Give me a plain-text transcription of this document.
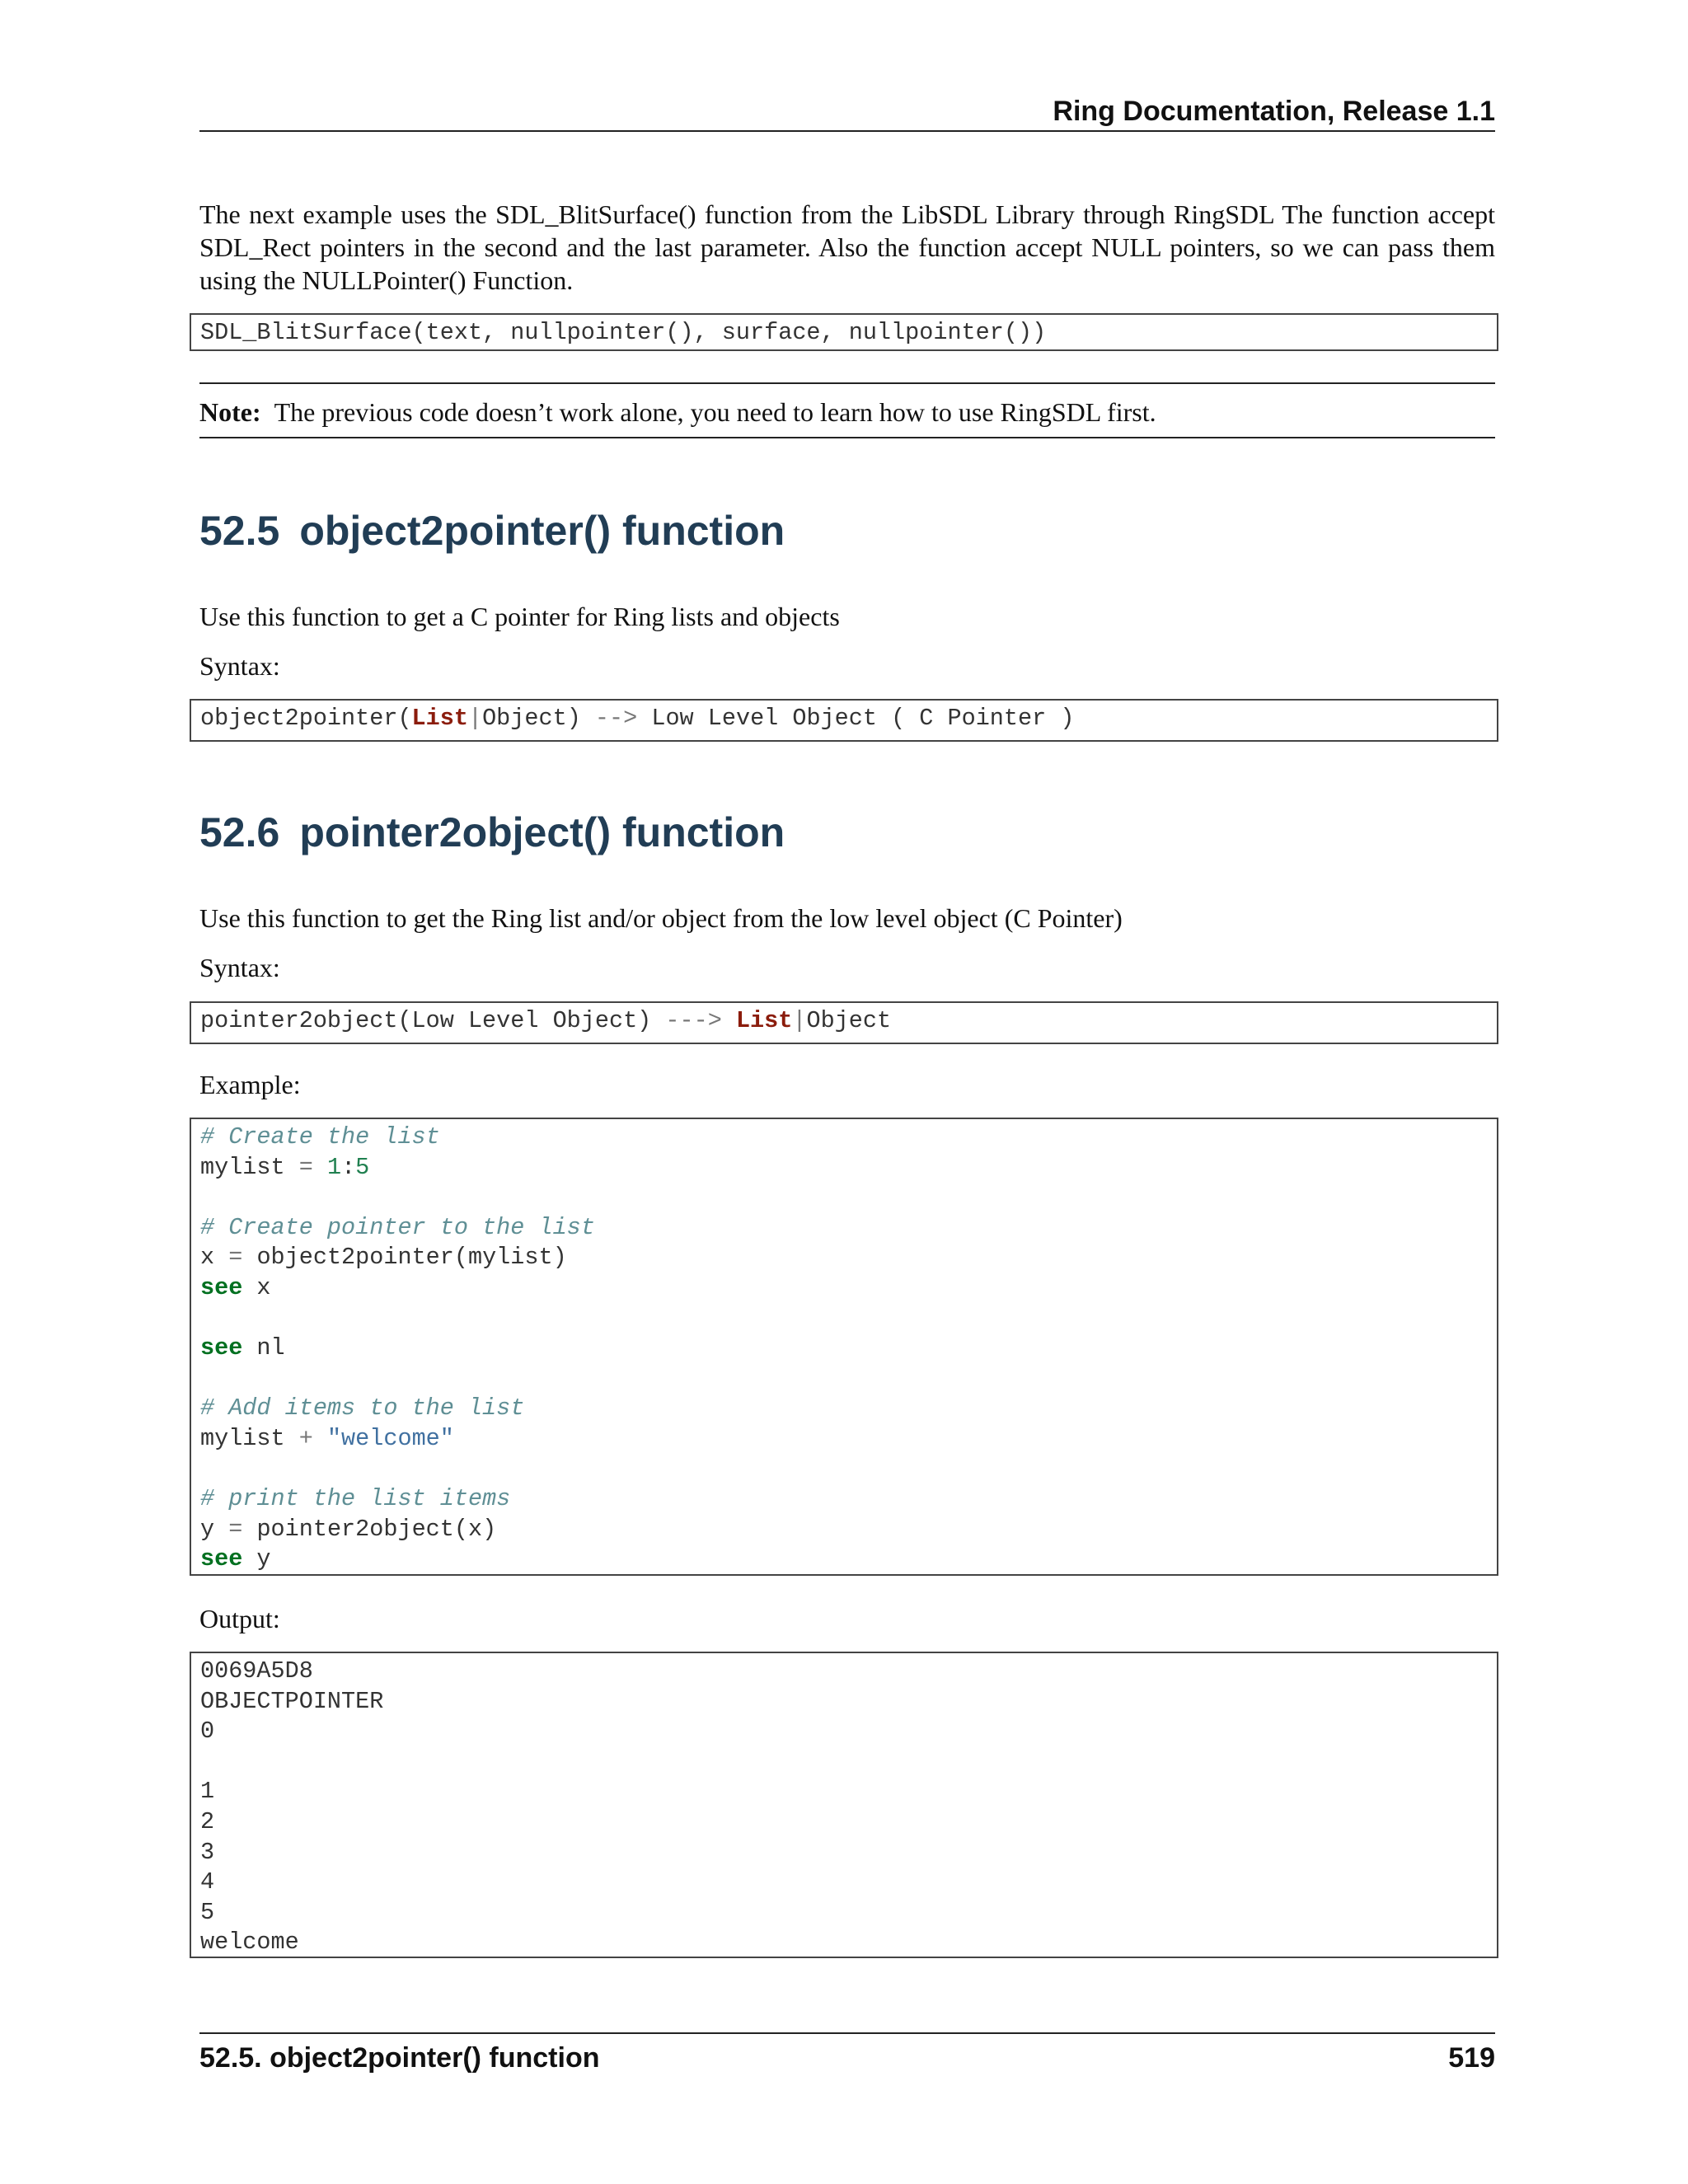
Ring Documentation, Release 1.1

The next example uses the SDL_BlitSurface() function from the LibSDL Library through RingSDL The function accept SDL_Rect pointers in the second and the last parameter. Also the function accept NULL pointers, so we can pass them using the NULLPointer() Function.

SDL_BlitSurface(text, nullpointer(), surface, nullpointer())
Note: The previous code doesn’t work alone, you need to learn how to use RingSDL first.
52.5 object2pointer() function

Use this function to get a C pointer for Ring lists and objects

Syntax:

object2pointer(List|Object) --> Low Level Object ( C Pointer )
52.6 pointer2object() function

Use this function to get the Ring list and/or object from the low level object (C Pointer)

Syntax:

pointer2object(Low Level Object) ---> List|Object

Example:

# Create the list
mylist = 1:5
# Create pointer to the list
x = object2pointer(mylist)
see x
see nl
# Add items to the list
mylist + "welcome"
# print the list items
y = pointer2object(x)
see y

Output:

0069A5D8
OBJECTPOINTER
0
1
2
3
4
5
welcome
52.5. object2pointer() function	519
